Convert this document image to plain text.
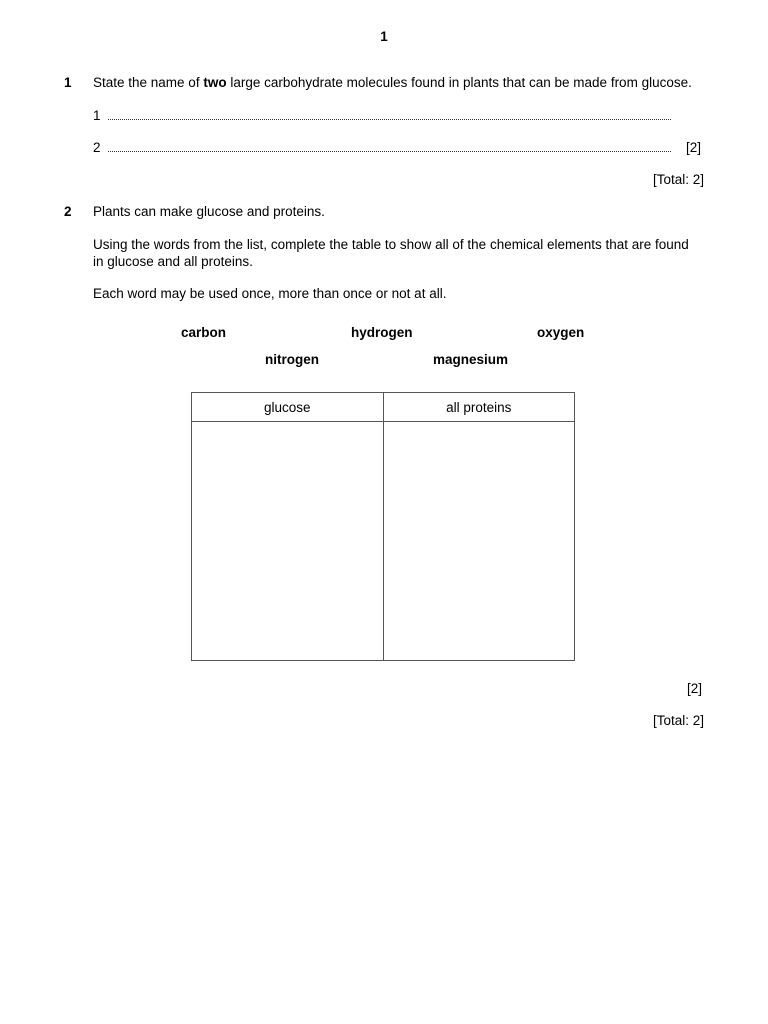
1
1 State the name of two large carbohydrate molecules found in plants that can be made from glucose.
1
2	[2]
[Total: 2]
2 Plants can make glucose and proteins.
Using the words from the list, complete the table to show all of the chemical elements that are found
in glucose and all proteins.
Each word may be used once, more than once or not at all.
carbon	hydrogen	oxygen
nitrogen	magnesium
glucose	all proteins

[2]
[Total: 2]
